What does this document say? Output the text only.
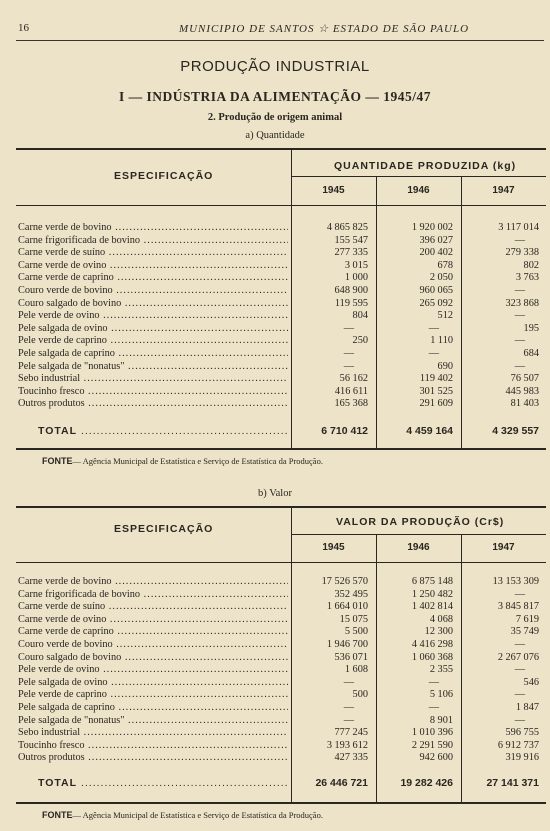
16	MUNICIPIO DE SANTOS ☆ ESTADO DE SÃO PAULO
PRODUÇÃO INDUSTRIAL
I — INDÚSTRIA DA ALIMENTAÇÃO — 1945/47
2. Produção de origem animal
a) Quantidade
ESPECIFICAÇÃO
QUANTIDADE PRODUZIDA (kg)
1945	1946	1947
Carne verde de bovino .....	4 865 825	1 920 002	3 117 014
Carne frigorificada de bovino .....	155 547	396 027	—
Carne verde de suíno .....	277 335	200 402	279 338
Carne verde de ovino .....	3 015	678	802
Carne verde de caprino .....	1 000	2 050	3 763
Couro verde de bovino .....	648 900	960 065	—
Couro salgado de bovino .....	119 595	265 092	323 868
Pele verde de ovino .....	804	512	—
Pele salgada de ovino .....	—	—	195
Pele verde de caprino .....	250	1 110	—
Pele salgada de caprino .....	—	—	684
Pele salgada de "nonatus" .....	—	690	—
Sebo industrial .....	56 162	119 402	76 507
Toucinho fresco .....	416 611	301 525	445 983
Outros produtos .....	165 368	291 609	81 403
TOTAL .....	6 710 412	4 459 164	4 329 557
FONTE— Agência Municipal de Estatística e Serviço de Estatística da Produção.
b) Valor
ESPECIFICAÇÃO
VALOR DA PRODUÇÃO (Cr$)
1945	1946	1947
Carne verde de bovino .....	17 526 570	6 875 148	13 153 309
Carne frigorificada de bovino .....	352 495	1 250 482	—
Carne verde de suíno .....	1 664 010	1 402 814	3 845 817
Carne verde de ovino .....	15 075	4 068	7 619
Carne verde de caprino .....	5 500	12 300	35 749
Couro verde de bovino .....	1 946 700	4 416 298	—
Couro salgado de bovino .....	536 071	1 060 368	2 267 076
Pele verde de ovino .....	1 608	2 355	—
Pele salgada de ovino .....	—	—	546
Pele verde de caprino .....	500	5 106	—
Pele salgada de caprino .....	—	—	1 847
Pele salgada de "nonatus" .....	—	8 901	—
Sebo industrial .....	777 245	1 010 396	596 755
Toucinho fresco .....	3 193 612	2 291 590	6 912 737
Outros produtos .....	427 335	942 600	319 916
TOTAL .....	26 446 721	19 282 426	27 141 371
FONTE— Agência Municipal de Estatística e Serviço de Estatística da Produção.
